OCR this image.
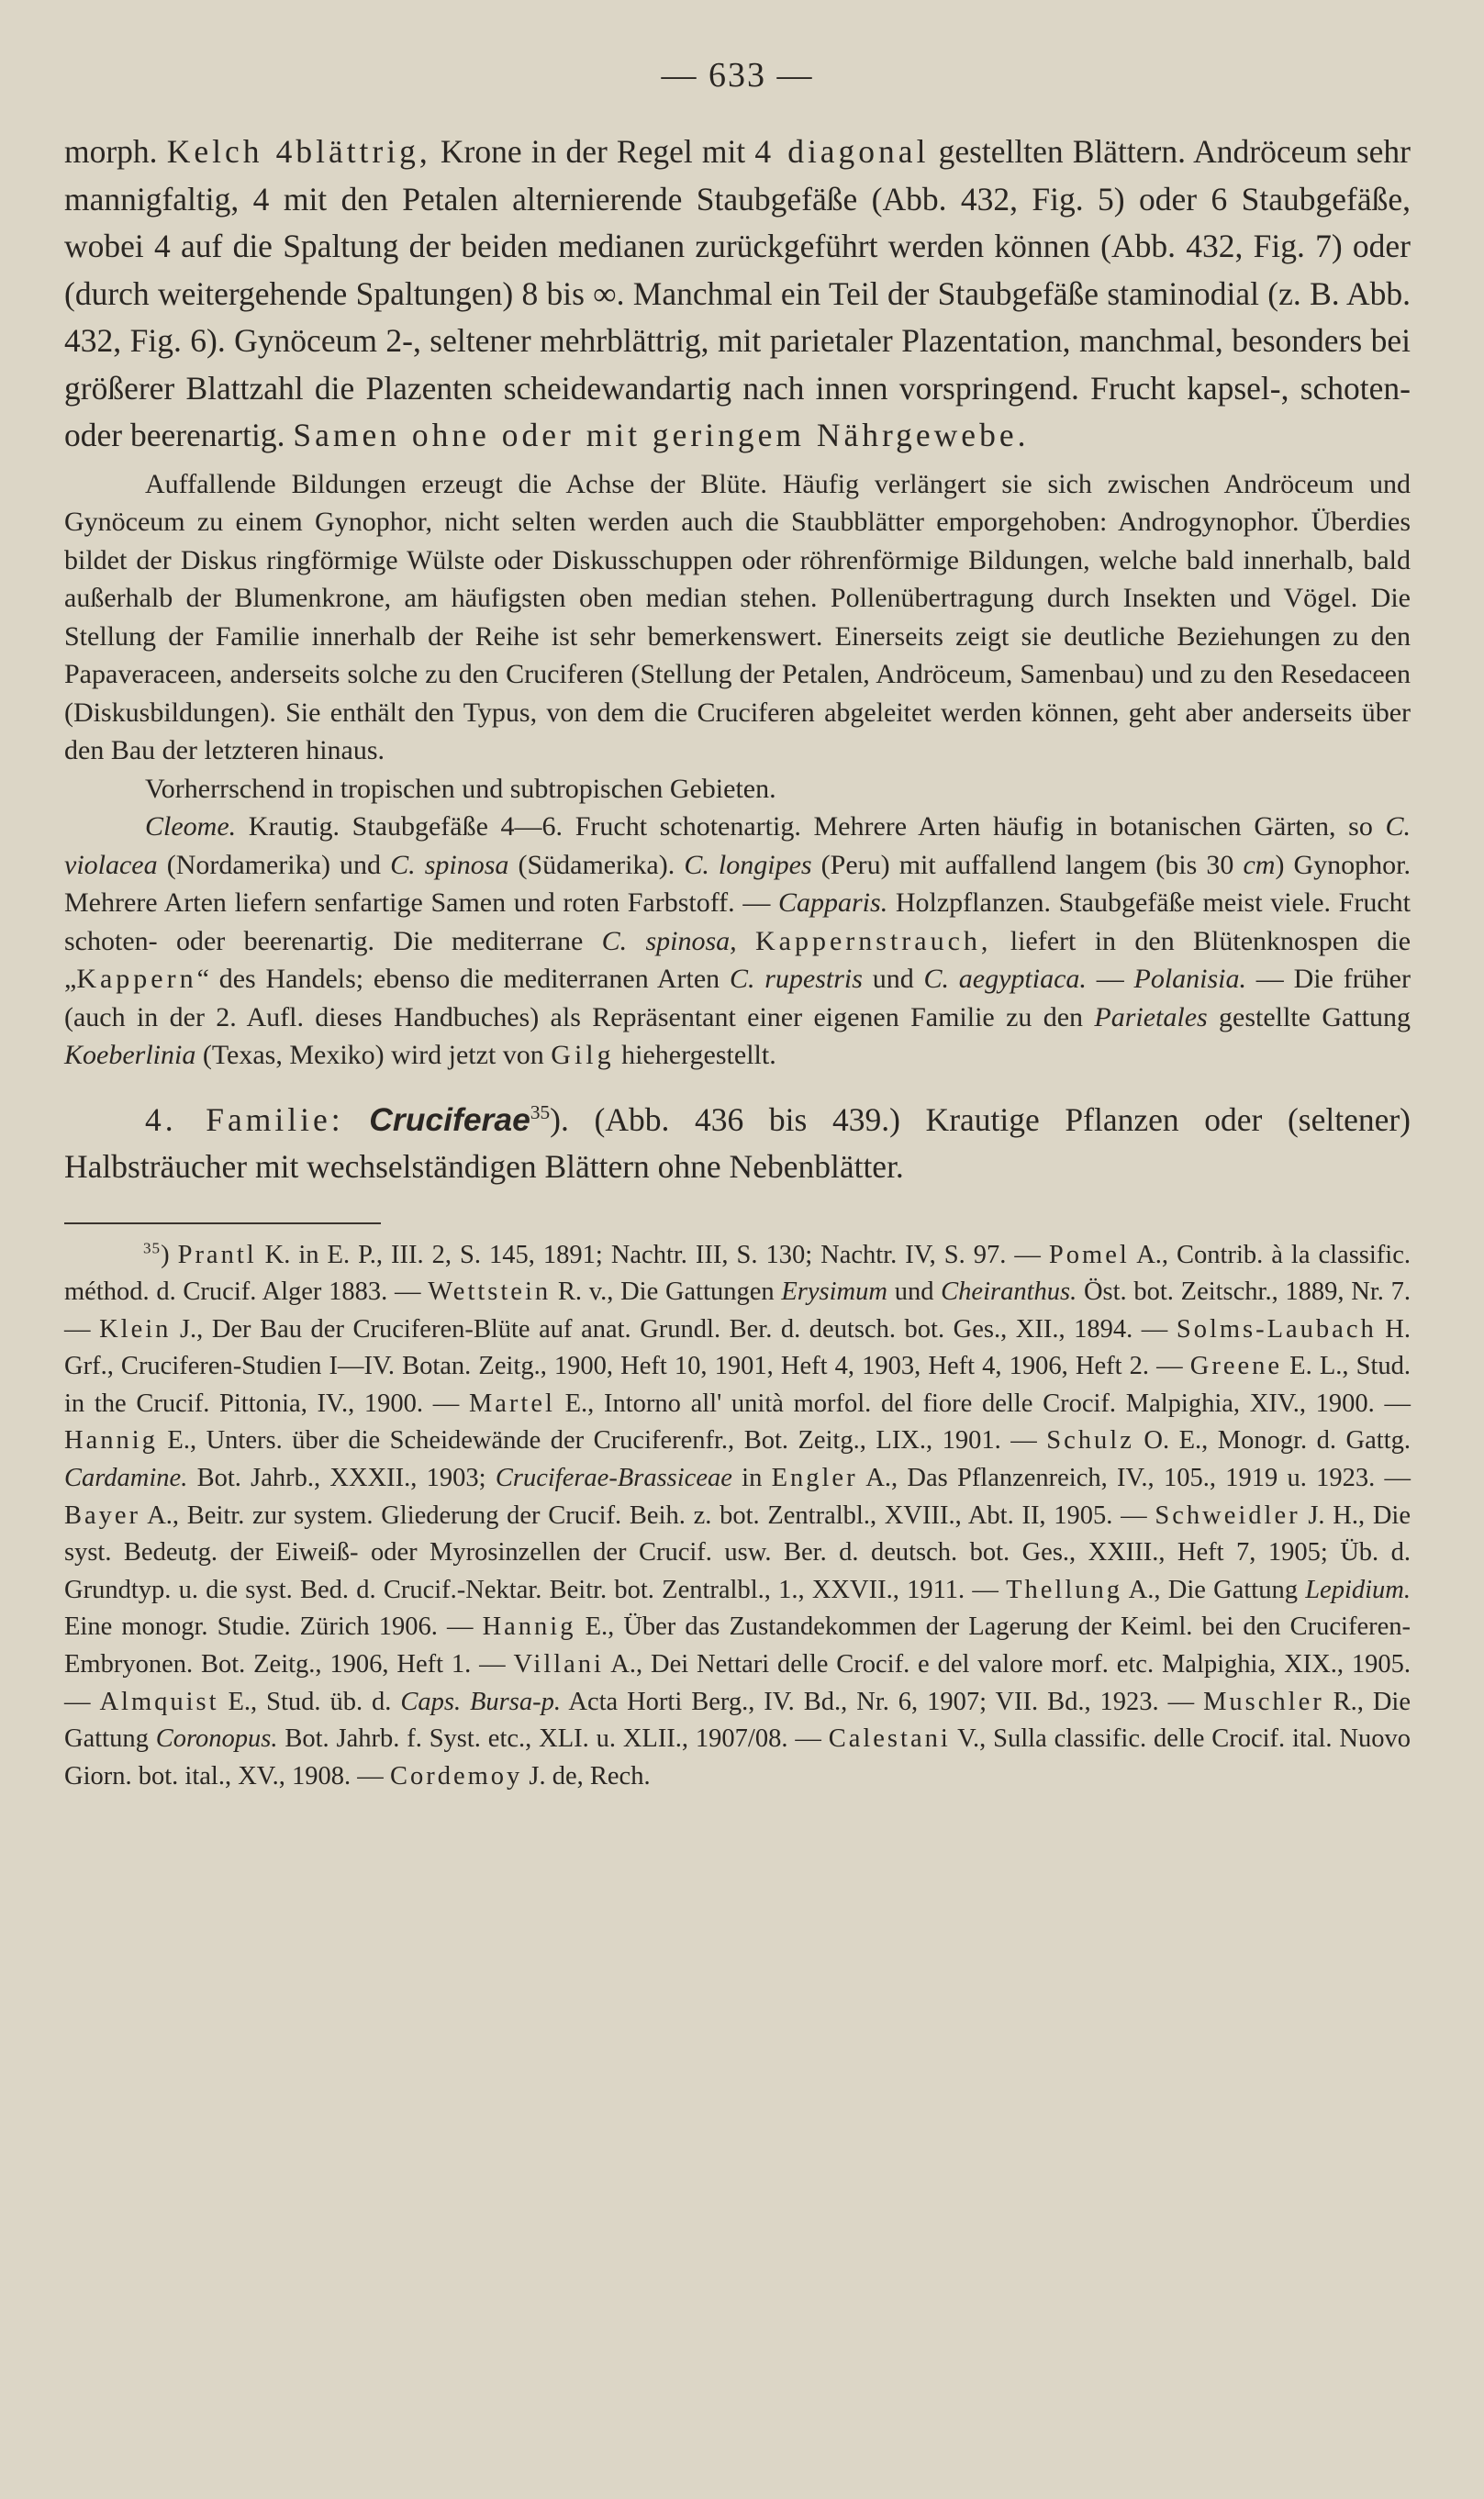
— 633 —

morph. Kelch 4blättrig, Krone in der Regel mit 4 diagonal gestellten Blättern. Andröceum sehr mannigfaltig, 4 mit den Petalen alternierende Staubgefäße (Abb. 432, Fig. 5) oder 6 Staubgefäße, wobei 4 auf die Spaltung der beiden medianen zurückgeführt werden können (Abb. 432, Fig. 7) oder (durch weitergehende Spaltungen) 8 bis ∞. Manchmal ein Teil der Staubgefäße staminodial (z. B. Abb. 432, Fig. 6). Gynöceum 2-, seltener mehrblättrig, mit parietaler Plazentation, manchmal, besonders bei größerer Blattzahl die Plazenten scheidewandartig nach innen vorspringend. Frucht kapsel-, schoten- oder beerenartig. Samen ohne oder mit geringem Nährgewebe.

Auffallende Bildungen erzeugt die Achse der Blüte. Häufig verlängert sie sich zwischen Andröceum und Gynöceum zu einem Gynophor, nicht selten werden auch die Staubblätter emporgehoben: Androgynophor. Überdies bildet der Diskus ringförmige Wülste oder Diskusschuppen oder röhrenförmige Bildungen, welche bald innerhalb, bald außerhalb der Blumenkrone, am häufigsten oben median stehen. Pollenübertragung durch Insekten und Vögel. Die Stellung der Familie innerhalb der Reihe ist sehr bemerkenswert. Einerseits zeigt sie deutliche Beziehungen zu den Papaveraceen, anderseits solche zu den Cruciferen (Stellung der Petalen, Andröceum, Samenbau) und zu den Resedaceen (Diskusbildungen). Sie enthält den Typus, von dem die Cruciferen abgeleitet werden können, geht aber anderseits über den Bau der letzteren hinaus.

Vorherrschend in tropischen und subtropischen Gebieten.

Cleome. Krautig. Staubgefäße 4—6. Frucht schotenartig. Mehrere Arten häufig in botanischen Gärten, so C. violacea (Nordamerika) und C. spinosa (Südamerika). C. longipes (Peru) mit auffallend langem (bis 30 cm) Gynophor. Mehrere Arten liefern senfartige Samen und roten Farbstoff. — Capparis. Holzpflanzen. Staubgefäße meist viele. Frucht schoten- oder beerenartig. Die mediterrane C. spinosa, Kappernstrauch, liefert in den Blütenknospen die „Kappern“ des Handels; ebenso die mediterranen Arten C. rupestris und C. aegyptiaca. — Polanisia. — Die früher (auch in der 2. Aufl. dieses Handbuches) als Repräsentant einer eigenen Familie zu den Parietales gestellte Gattung Koeberlinia (Texas, Mexiko) wird jetzt von Gilg hiehergestellt.

4. Familie: Cruciferae$^{35}$). (Abb. 436 bis 439.) Krautige Pflanzen oder (seltener) Halbsträucher mit wechselständigen Blättern ohne Nebenblätter.

$^{35}$) Prantl K. in E. P., III. 2, S. 145, 1891; Nachtr. III, S. 130; Nachtr. IV, S. 97. — Pomel A., Contrib. à la classific. méthod. d. Crucif. Alger 1883. — Wettstein R. v., Die Gattungen Erysimum und Cheiranthus. Öst. bot. Zeitschr., 1889, Nr. 7. — Klein J., Der Bau der Cruciferen-Blüte auf anat. Grundl. Ber. d. deutsch. bot. Ges., XII., 1894. — Solms-Laubach H. Grf., Cruciferen-Studien I—IV. Botan. Zeitg., 1900, Heft 10, 1901, Heft 4, 1903, Heft 4, 1906, Heft 2. — Greene E. L., Stud. in the Crucif. Pittonia, IV., 1900. — Martel E., Intorno all' unità morfol. del fiore delle Crocif. Malpighia, XIV., 1900. — Hannig E., Unters. über die Scheidewände der Cruciferenfr., Bot. Zeitg., LIX., 1901. — Schulz O. E., Monogr. d. Gattg. Cardamine. Bot. Jahrb., XXXII., 1903; Cruciferae-Brassiceae in Engler A., Das Pflanzenreich, IV., 105., 1919 u. 1923. — Bayer A., Beitr. zur system. Gliederung der Crucif. Beih. z. bot. Zentralbl., XVIII., Abt. II, 1905. — Schweidler J. H., Die syst. Bedeutg. der Eiweiß- oder Myrosinzellen der Crucif. usw. Ber. d. deutsch. bot. Ges., XXIII., Heft 7, 1905; Üb. d. Grundtyp. u. die syst. Bed. d. Crucif.-Nektar. Beitr. bot. Zentralbl., 1., XXVII., 1911. — Thellung A., Die Gattung Lepidium. Eine monogr. Studie. Zürich 1906. — Hannig E., Über das Zustandekommen der Lagerung der Keiml. bei den Cruciferen-Embryonen. Bot. Zeitg., 1906, Heft 1. — Villani A., Dei Nettari delle Crocif. e del valore morf. etc. Malpighia, XIX., 1905. — Almquist E., Stud. üb. d. Caps. Bursa-p. Acta Horti Berg., IV. Bd., Nr. 6, 1907; VII. Bd., 1923. — Muschler R., Die Gattung Coronopus. Bot. Jahrb. f. Syst. etc., XLI. u. XLII., 1907/08. — Calestani V., Sulla classific. delle Crocif. ital. Nuovo Giorn. bot. ital., XV., 1908. — Cordemoy J. de, Rech.
